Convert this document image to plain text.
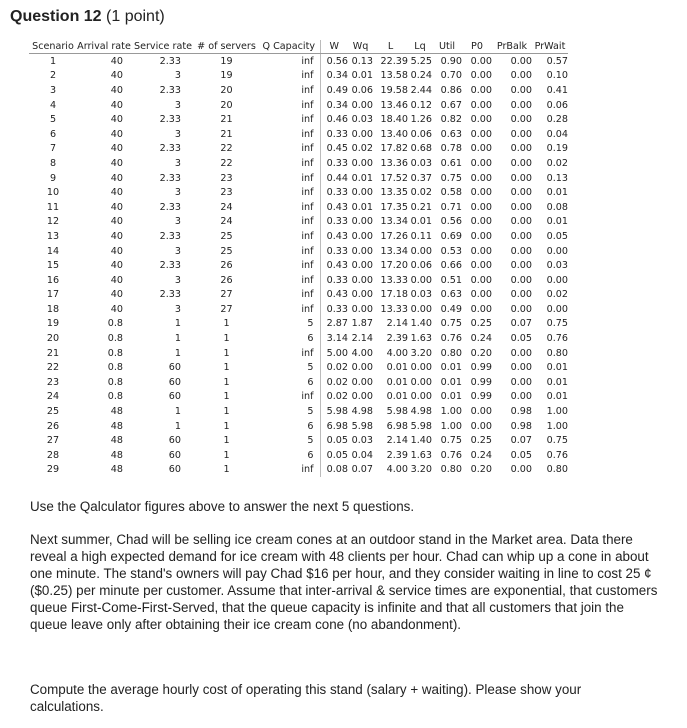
Question 12 (1 point)
Scenario	Arrival rate	Service rate	# of servers	Q Capacity	W	Wq	L	Lq	Util	P0	PrBalk	PrWait
1	40	2.33	19	inf	0.56	0.13	22.39	5.25	0.90	0.00	0.00	0.57
2	40	3	19	inf	0.34	0.01	13.58	0.24	0.70	0.00	0.00	0.10
3	40	2.33	20	inf	0.49	0.06	19.58	2.44	0.86	0.00	0.00	0.41
4	40	3	20	inf	0.34	0.00	13.46	0.12	0.67	0.00	0.00	0.06
5	40	2.33	21	inf	0.46	0.03	18.40	1.26	0.82	0.00	0.00	0.28
6	40	3	21	inf	0.33	0.00	13.40	0.06	0.63	0.00	0.00	0.04
7	40	2.33	22	inf	0.45	0.02	17.82	0.68	0.78	0.00	0.00	0.19
8	40	3	22	inf	0.33	0.00	13.36	0.03	0.61	0.00	0.00	0.02
9	40	2.33	23	inf	0.44	0.01	17.52	0.37	0.75	0.00	0.00	0.13
10	40	3	23	inf	0.33	0.00	13.35	0.02	0.58	0.00	0.00	0.01
11	40	2.33	24	inf	0.43	0.01	17.35	0.21	0.71	0.00	0.00	0.08
12	40	3	24	inf	0.33	0.00	13.34	0.01	0.56	0.00	0.00	0.01
13	40	2.33	25	inf	0.43	0.00	17.26	0.11	0.69	0.00	0.00	0.05
14	40	3	25	inf	0.33	0.00	13.34	0.00	0.53	0.00	0.00	0.00
15	40	2.33	26	inf	0.43	0.00	17.20	0.06	0.66	0.00	0.00	0.03
16	40	3	26	inf	0.33	0.00	13.33	0.00	0.51	0.00	0.00	0.00
17	40	2.33	27	inf	0.43	0.00	17.18	0.03	0.63	0.00	0.00	0.02
18	40	3	27	inf	0.33	0.00	13.33	0.00	0.49	0.00	0.00	0.00
19	0.8	1	1	5	2.87	1.87	2.14	1.40	0.75	0.25	0.07	0.75
20	0.8	1	1	6	3.14	2.14	2.39	1.63	0.76	0.24	0.05	0.76
21	0.8	1	1	inf	5.00	4.00	4.00	3.20	0.80	0.20	0.00	0.80
22	0.8	60	1	5	0.02	0.00	0.01	0.00	0.01	0.99	0.00	0.01
23	0.8	60	1	6	0.02	0.00	0.01	0.00	0.01	0.99	0.00	0.01
24	0.8	60	1	inf	0.02	0.00	0.01	0.00	0.01	0.99	0.00	0.01
25	48	1	1	5	5.98	4.98	5.98	4.98	1.00	0.00	0.98	1.00
26	48	1	1	6	6.98	5.98	6.98	5.98	1.00	0.00	0.98	1.00
27	48	60	1	5	0.05	0.03	2.14	1.40	0.75	0.25	0.07	0.75
28	48	60	1	6	0.05	0.04	2.39	1.63	0.76	0.24	0.05	0.76
29	48	60	1	inf	0.08	0.07	4.00	3.20	0.80	0.20	0.00	0.80
Use the Qalculator figures above to answer the next 5 questions.
Next summer, Chad will be selling ice cream cones at an outdoor stand in the Market area. Data there reveal a high expected demand for ice cream with 48 clients per hour. Chad can whip up a cone in about one minute. The stand's owners will pay Chad $16 per hour, and they consider waiting in line to cost 25 ¢ ($0.25) per minute per customer. Assume that inter-arrival & service times are exponential, that customers queue First-Come-First-Served, that the queue capacity is infinite and that all customers that join the queue leave only after obtaining their ice cream cone (no abandonment).
Compute the average hourly cost of operating this stand (salary + waiting). Please show your calculations.
